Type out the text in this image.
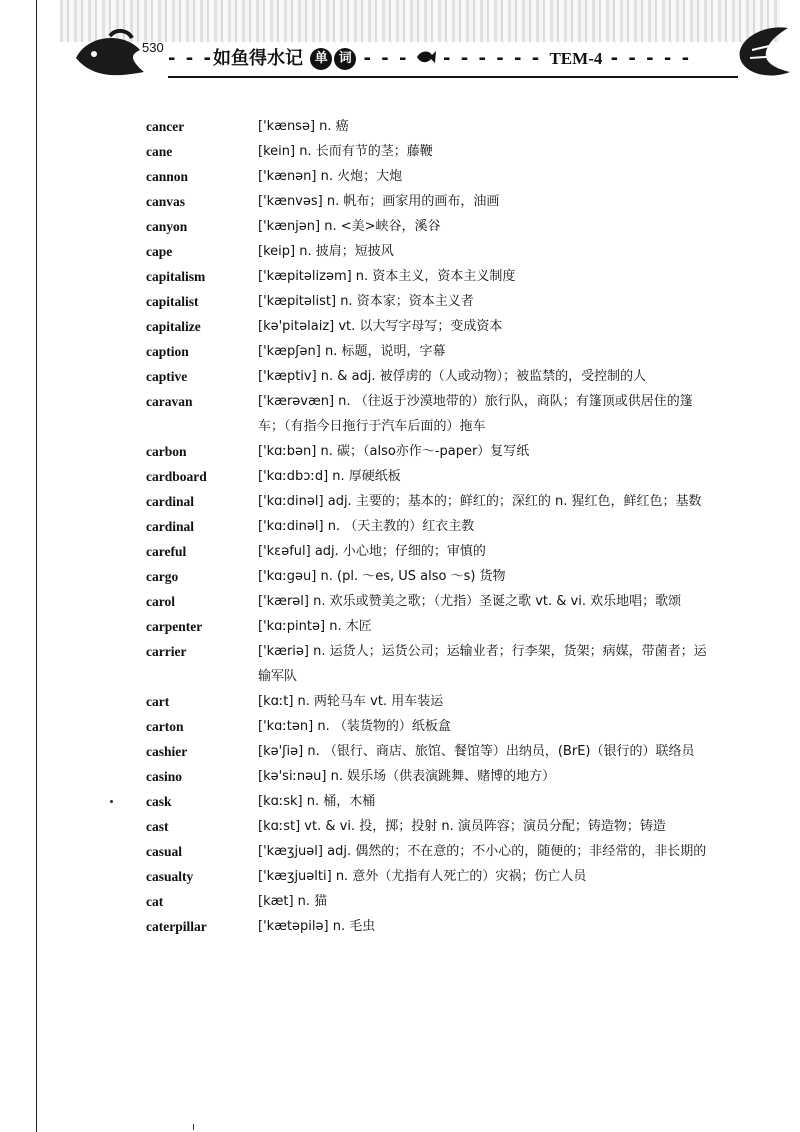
530
- - -如鱼得水记 单 词 - - - - - - - - - TEM-4 - - - - -
cancer	['kænsə] n. 癌
cane	[kein] n. 长而有节的茎；藤鞭
cannon	['kænən] n. 火炮；大炮
canvas	['kænvəs] n. 帆布；画家用的画布，油画
canyon	['kænjən] n. <美>峡谷，溪谷
cape	[keip] n. 披肩；短披风
capitalism	['kæpitəlizəm] n. 资本主义，资本主义制度
capitalist	['kæpitəlist] n. 资本家；资本主义者
capitalize	[kə'pitəlaiz] vt. 以大写字母写；变成资本
caption	['kæpʃən] n. 标题，说明，字幕
captive	['kæptiv] n. & adj. 被俘虏的（人或动物）；被监禁的，受控制的人
caravan	['kærəvæn] n. （往返于沙漠地带的）旅行队，商队；有篷顶或供居住的篷车；（有指今日拖行于汽车后面的）拖车
carbon	['kɑːbən] n. 碳；（also亦作～-paper）复写纸
cardboard	['kɑːdbɔːd] n. 厚硬纸板
cardinal	['kɑːdinəl] adj. 主要的；基本的；鲜红的；深红的 n. 猩红色，鲜红色；基数
cardinal	['kɑːdinəl] n. （天主教的）红衣主教
careful	['kɛəful] adj. 小心地；仔细的；审慎的
cargo	['kɑːgəu] n. (pl. ～es, US also ～s) 货物
carol	['kærəl] n. 欢乐或赞美之歌；（尤指）圣诞之歌 vt. & vi. 欢乐地唱；歌颂
carpenter	['kɑːpintə] n. 木匠
carrier	['kæriə] n. 运货人；运货公司；运输业者；行李架，货架；病媒，带菌者；运输军队
cart	[kɑːt] n. 两轮马车 vt. 用车装运
carton	['kɑːtən] n. （装货物的）纸板盒
cashier	[kə'ʃiə] n. （银行、商店、旅馆、餐馆等）出纳员，(BrE)（银行的）联络员
casino	[kə'siːnəu] n. 娱乐场（供表演跳舞、赌博的地方）
cask	[kɑːsk] n. 桶，木桶
cast	[kɑːst] vt. & vi. 投，掷；投射 n. 演员阵容；演员分配；铸造物；铸造
casual	['kæʒjuəl] adj. 偶然的；不在意的；不小心的，随便的；非经常的，非长期的
casualty	['kæʒjuəlti] n. 意外（尤指有人死亡的）灾祸；伤亡人员
cat	[kæt] n. 猫
caterpillar	['kætəpilə] n. 毛虫
